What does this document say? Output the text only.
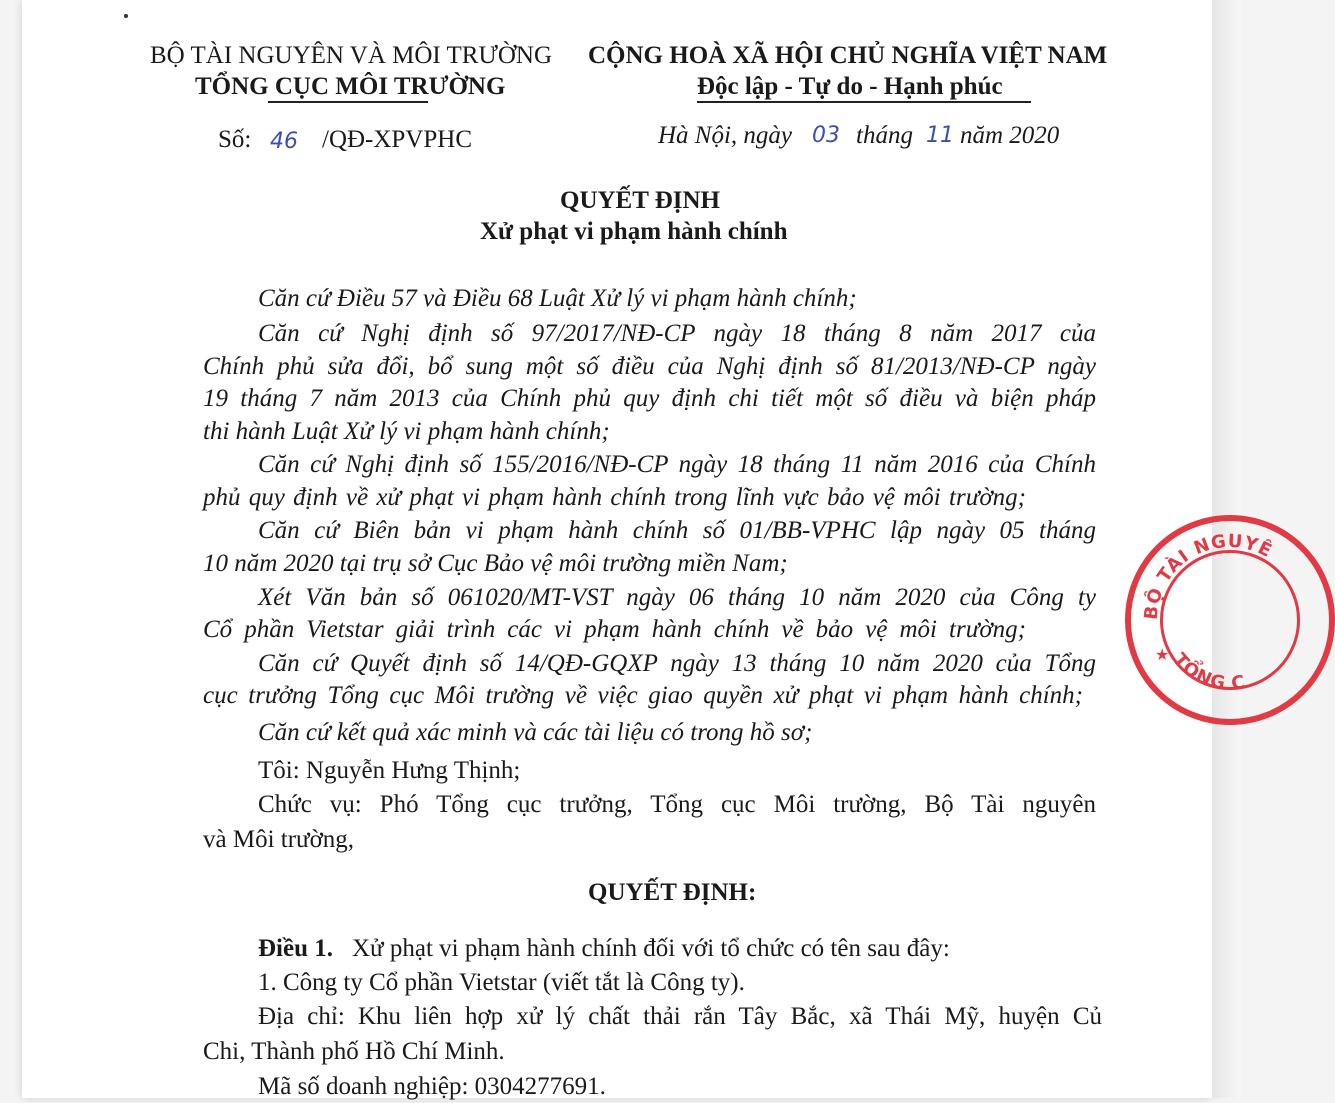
BỘ TÀI NGUYÊN VÀ MÔI TRƯỜNG
TỔNG CỤC MÔI TRƯỜNG
CỘNG HOÀ XÃ HỘI CHỦ NGHĨA VIỆT NAM
Độc lập - Tự do - Hạnh phúc
Số: 46 /QĐ-XPVPHC	Hà Nội, ngày 03 tháng 11 năm 2020
QUYẾT ĐỊNH
Xử phạt vi phạm hành chính
Căn cứ Điều 57 và Điều 68 Luật Xử lý vi phạm hành chính;
Căn cứ Nghị định số 97/2017/NĐ-CP ngày 18 tháng 8 năm 2017 của
Chính phủ sửa đổi, bổ sung một số điều của Nghị định số 81/2013/NĐ-CP ngày
19 tháng 7 năm 2013 của Chính phủ quy định chi tiết một số điều và biện pháp
thi hành Luật Xử lý vi phạm hành chính;
Căn cứ Nghị định số 155/2016/NĐ-CP ngày 18 tháng 11 năm 2016 của Chính
phủ quy định về xử phạt vi phạm hành chính trong lĩnh vực bảo vệ môi trường;
Căn cứ Biên bản vi phạm hành chính số 01/BB-VPHC lập ngày 05 tháng
10 năm 2020 tại trụ sở Cục Bảo vệ môi trường miền Nam;
Xét Văn bản số 061020/MT-VST ngày 06 tháng 10 năm 2020 của Công ty
Cổ phần Vietstar giải trình các vi phạm hành chính về bảo vệ môi trường;
Căn cứ Quyết định số 14/QĐ-GQXP ngày 13 tháng 10 năm 2020 của Tổng
cục trưởng Tổng cục Môi trường về việc giao quyền xử phạt vi phạm hành chính;
Căn cứ kết quả xác minh và các tài liệu có trong hồ sơ;
Tôi: Nguyễn Hưng Thịnh;
Chức vụ: Phó Tổng cục trưởng, Tổng cục Môi trường, Bộ Tài nguyên
và Môi trường,
QUYẾT ĐỊNH:
Điều 1. Xử phạt vi phạm hành chính đối với tổ chức có tên sau đây:
1. Công ty Cổ phần Vietstar (viết tắt là Công ty).
Địa chỉ: Khu liên hợp xử lý chất thải rắn Tây Bắc, xã Thái Mỹ, huyện Củ
Chi, Thành phố Hồ Chí Minh.
Mã số doanh nghiệp: 0304277691.
BỘ TÀI NGUYÊ
TỔNG C
★
